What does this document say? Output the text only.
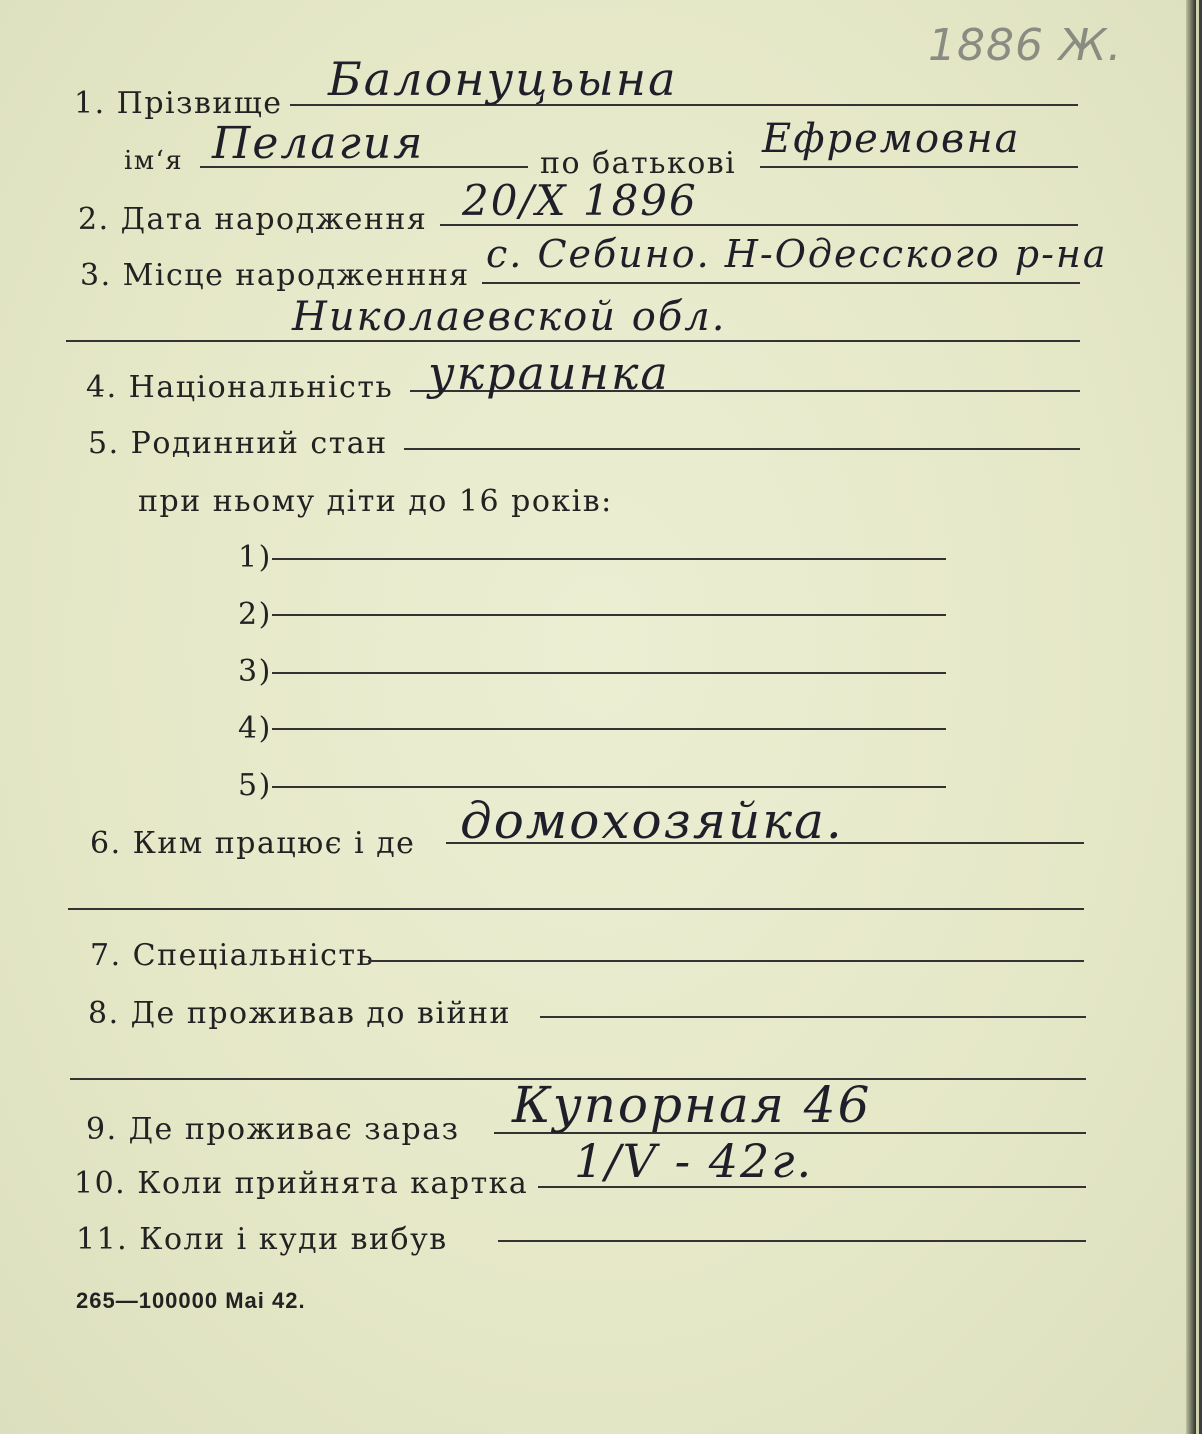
1886 Ж.
1. Прізвище Балонуцьына
ім‘я Пелагия	по батькові
Ефремовна
2. Дата народження 20/Х 1896
3. Місце народженння с. Себино. Н-Одесского р-на
Николаевской обл.
4. Національність украинка
5. Родинний стан
при ньому діти до 16 років:
1)
2)
3)
4)
5)
6. Ким працює і де домохозяйка.
7. Спеціальність
8. Де проживав до війни
9. Де проживає зараз Купорная 46
10. Коли прийнята картка 1/V - 42г.
11. Коли і куди вибув
265—100000 Mai 42.
